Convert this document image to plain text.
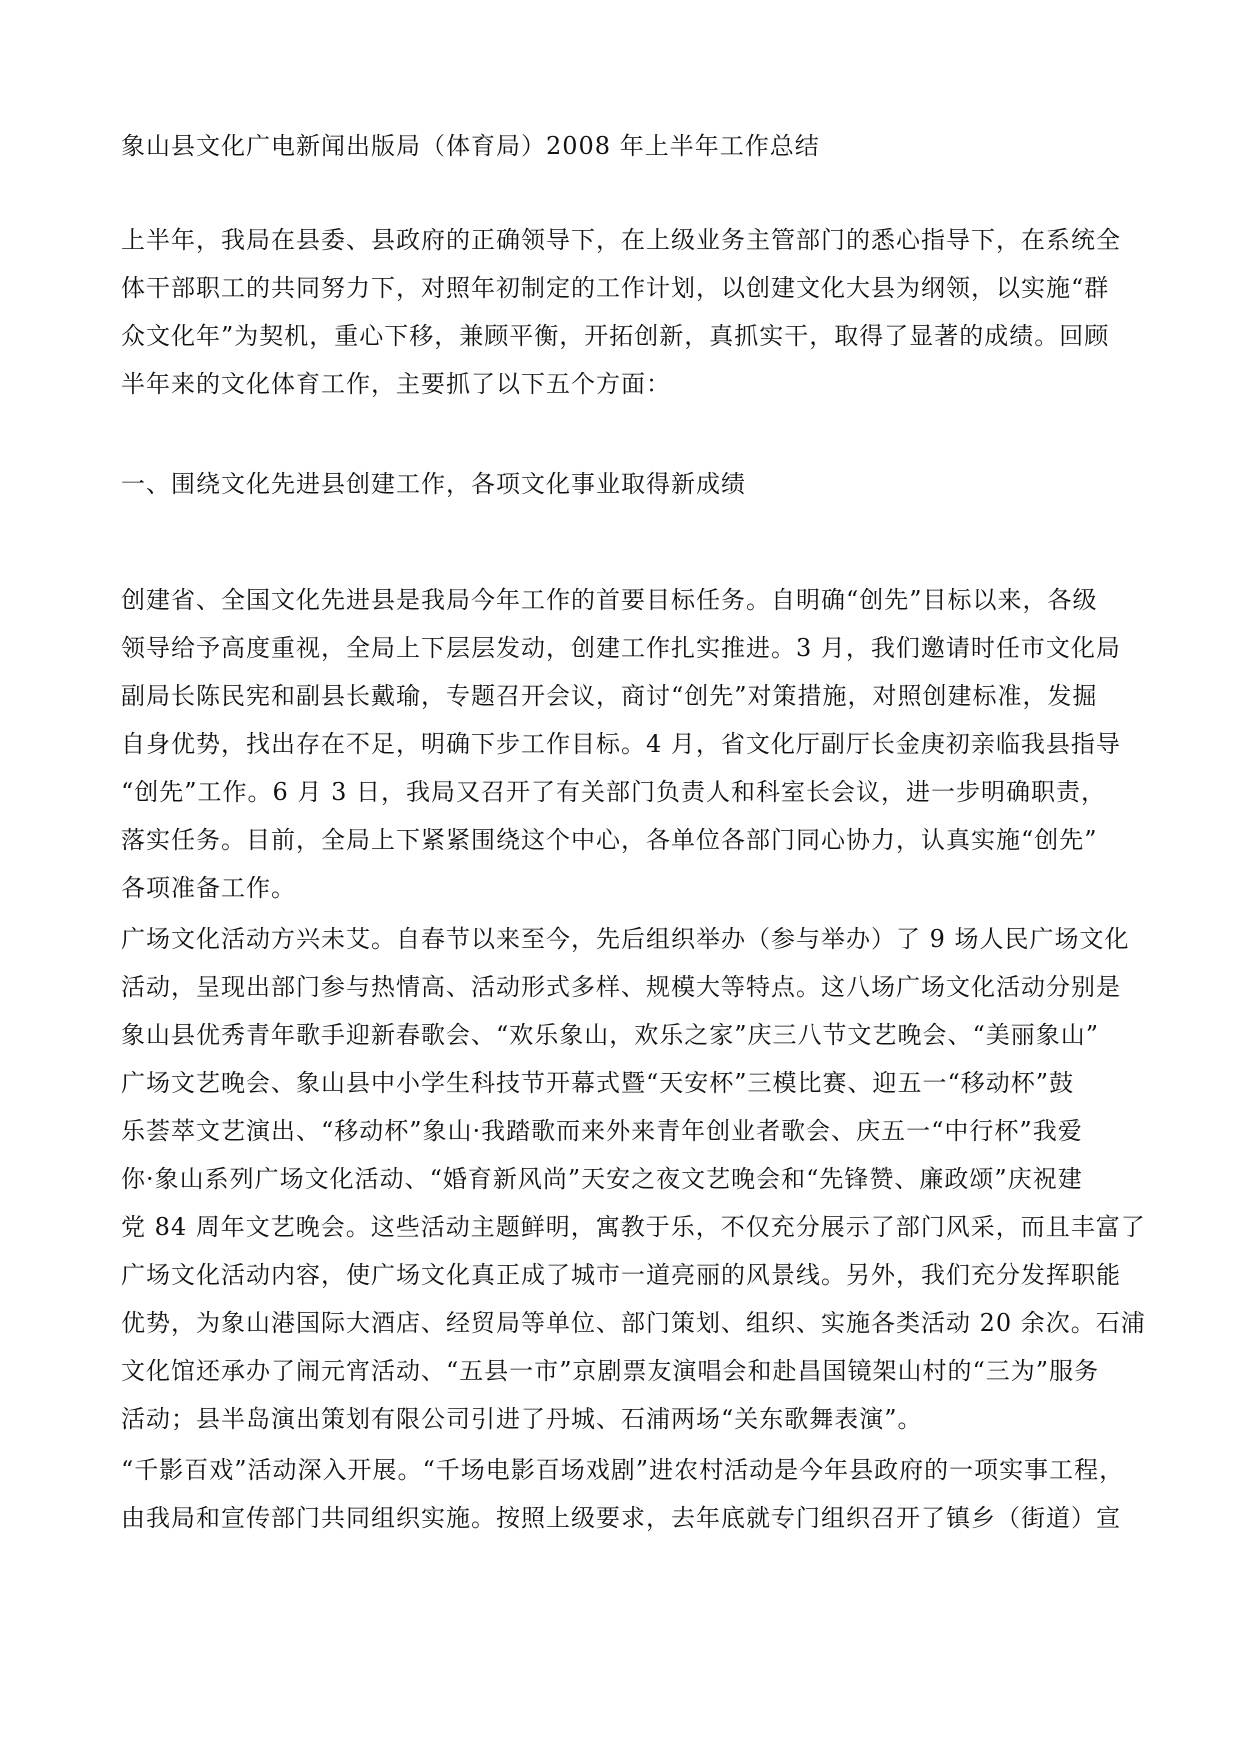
象山县文化广电新闻出版局（体育局）2008 年上半年工作总结

上半年，我局在县委、县政府的正确领导下，在上级业务主管部门的悉心指导下，在系统全
体干部职工的共同努力下，对照年初制定的工作计划，以创建文化大县为纲领，以实施“群
众文化年”为契机，重心下移，兼顾平衡，开拓创新，真抓实干，取得了显著的成绩。回顾
半年来的文化体育工作，主要抓了以下五个方面：

一、围绕文化先进县创建工作，各项文化事业取得新成绩

创建省、全国文化先进县是我局今年工作的首要目标任务。自明确“创先”目标以来，各级
领导给予高度重视，全局上下层层发动，创建工作扎实推进。3 月，我们邀请时任市文化局
副局长陈民宪和副县长戴瑜，专题召开会议，商讨“创先”对策措施，对照创建标准，发掘
自身优势，找出存在不足，明确下步工作目标。4 月，省文化厅副厅长金庚初亲临我县指导
“创先”工作。6 月 3 日，我局又召开了有关部门负责人和科室长会议，进一步明确职责，
落实任务。目前，全局上下紧紧围绕这个中心，各单位各部门同心协力，认真实施“创先”
各项准备工作。

广场文化活动方兴未艾。自春节以来至今，先后组织举办（参与举办）了 9 场人民广场文化
活动，呈现出部门参与热情高、活动形式多样、规模大等特点。这八场广场文化活动分别是
象山县优秀青年歌手迎新春歌会、“欢乐象山，欢乐之家”庆三八节文艺晚会、“美丽象山”
广场文艺晚会、象山县中小学生科技节开幕式暨“天安杯”三模比赛、迎五一“移动杯”鼓
乐荟萃文艺演出、“移动杯”象山·我踏歌而来外来青年创业者歌会、庆五一“中行杯”我爱
你·象山系列广场文化活动、“婚育新风尚”天安之夜文艺晚会和“先锋赞、廉政颂”庆祝建
党 84 周年文艺晚会。这些活动主题鲜明，寓教于乐，不仅充分展示了部门风采，而且丰富了
广场文化活动内容，使广场文化真正成了城市一道亮丽的风景线。另外，我们充分发挥职能
优势，为象山港国际大酒店、经贸局等单位、部门策划、组织、实施各类活动 20 余次。石浦
文化馆还承办了闹元宵活动、“五县一市”京剧票友演唱会和赴昌国镜架山村的“三为”服务
活动；县半岛演出策划有限公司引进了丹城、石浦两场“关东歌舞表演”。

“千影百戏”活动深入开展。“千场电影百场戏剧”进农村活动是今年县政府的一项实事工程，
由我局和宣传部门共同组织实施。按照上级要求，去年底就专门组织召开了镇乡（街道）宣
